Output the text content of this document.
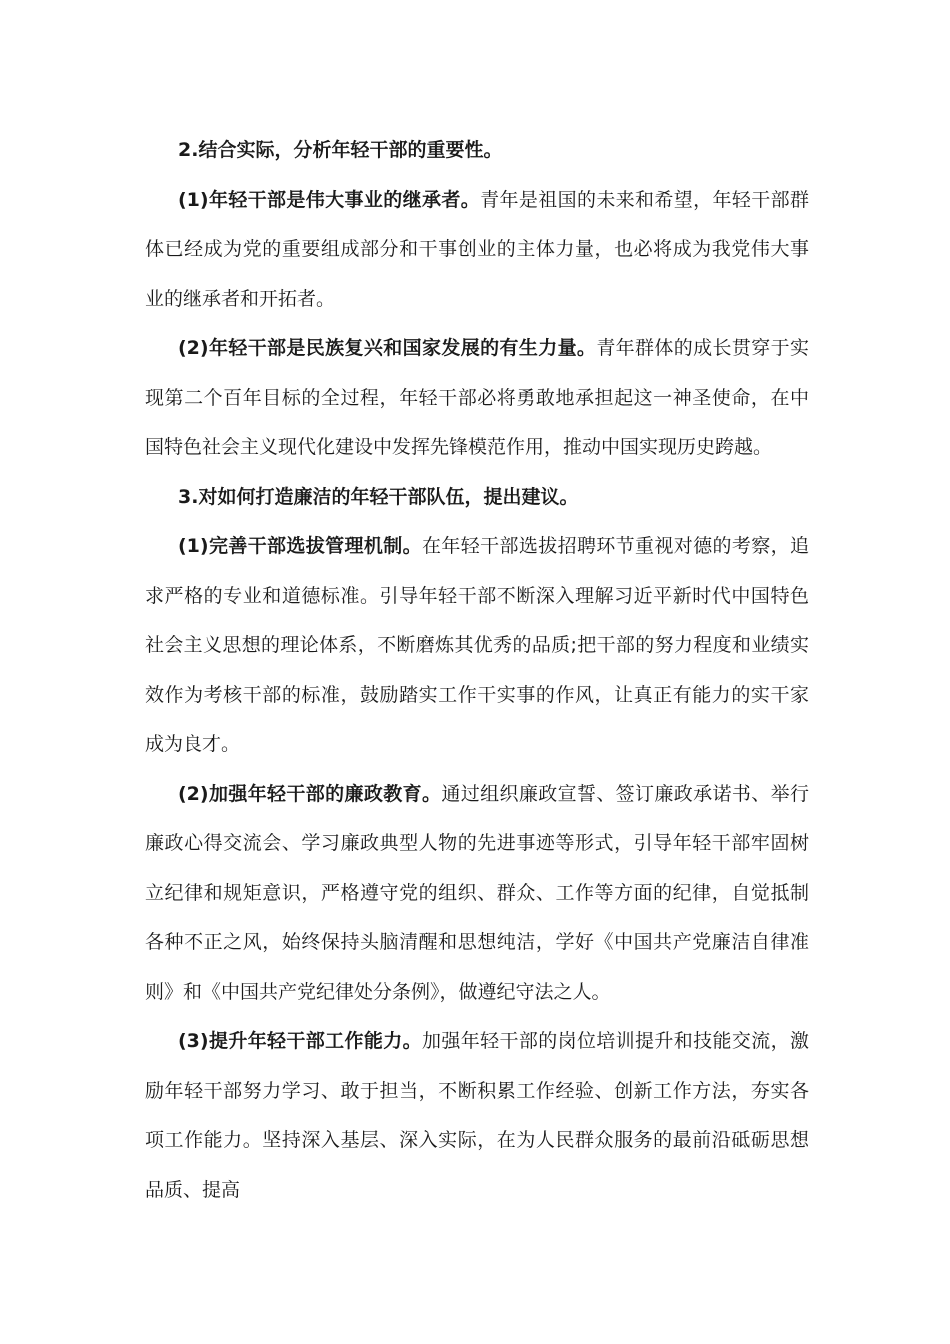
2.结合实际，分析年轻干部的重要性。

(1)年轻干部是伟大事业的继承者。青年是祖国的未来和希望，年轻干部群体已经成为党的重要组成部分和干事创业的主体力量，也必将成为我党伟大事业的继承者和开拓者。

(2)年轻干部是民族复兴和国家发展的有生力量。青年群体的成长贯穿于实现第二个百年目标的全过程，年轻干部必将勇敢地承担起这一神圣使命，在中国特色社会主义现代化建设中发挥先锋模范作用，推动中国实现历史跨越。

3.对如何打造廉洁的年轻干部队伍，提出建议。

(1)完善干部选拔管理机制。在年轻干部选拔招聘环节重视对德的考察，追求严格的专业和道德标准。引导年轻干部不断深入理解习近平新时代中国特色社会主义思想的理论体系，不断磨炼其优秀的品质;把干部的努力程度和业绩实效作为考核干部的标准，鼓励踏实工作干实事的作风，让真正有能力的实干家成为良才。

(2)加强年轻干部的廉政教育。通过组织廉政宣誓、签订廉政承诺书、举行廉政心得交流会、学习廉政典型人物的先进事迹等形式，引导年轻干部牢固树立纪律和规矩意识，严格遵守党的组织、群众、工作等方面的纪律，自觉抵制各种不正之风，始终保持头脑清醒和思想纯洁，学好《中国共产党廉洁自律准则》和《中国共产党纪律处分条例》，做遵纪守法之人。

(3)提升年轻干部工作能力。加强年轻干部的岗位培训提升和技能交流，激励年轻干部努力学习、敢于担当，不断积累工作经验、创新工作方法，夯实各项工作能力。坚持深入基层、深入实际，在为人民群众服务的最前沿砥砺思想品质、提高
